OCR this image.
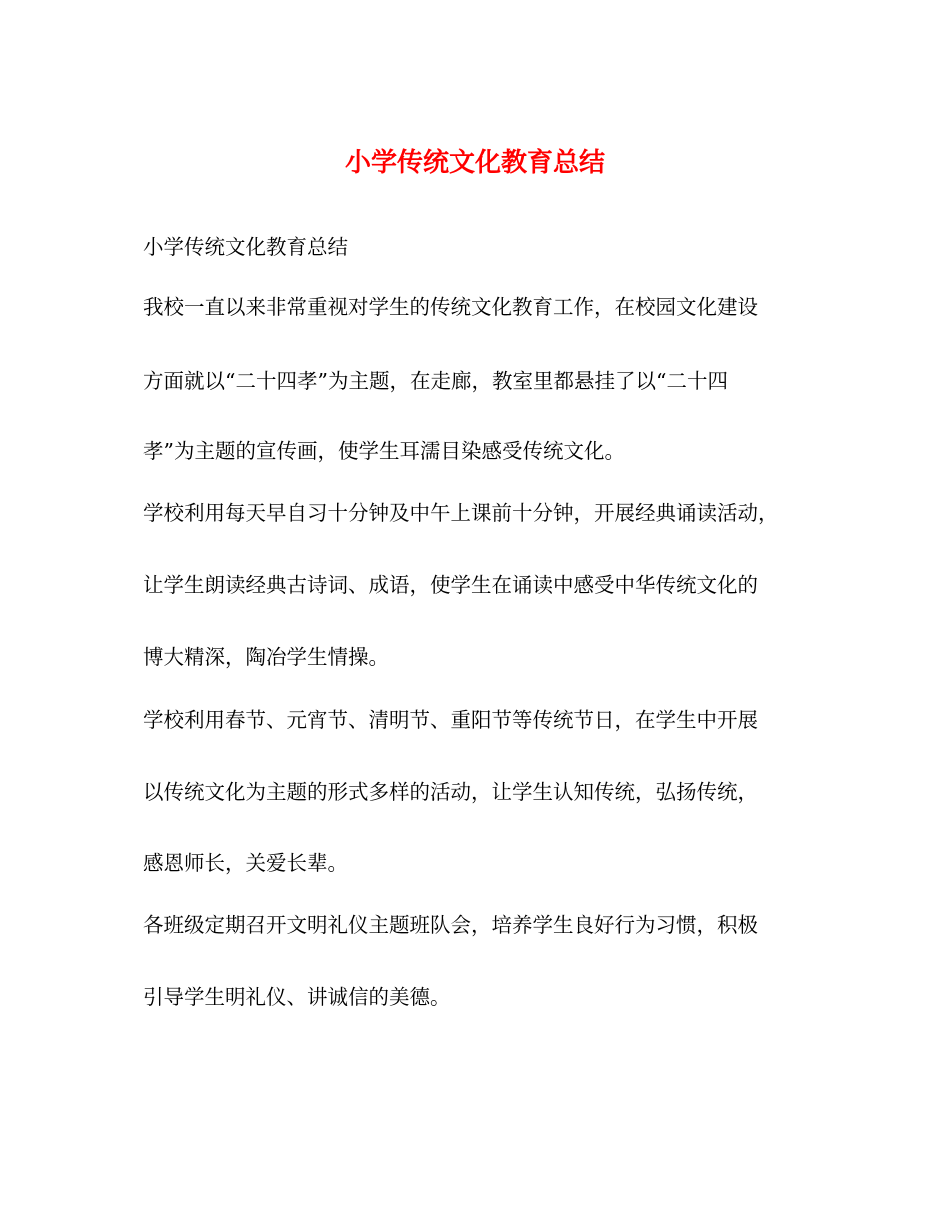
小学传统文化教育总结
小学传统文化教育总结
我校一直以来非常重视对学生的传统文化教育工作，在校园文化建设
方面就以“二十四孝”为主题，在走廊，教室里都悬挂了以“二十四
孝”为主题的宣传画，使学生耳濡目染感受传统文化。
学校利用每天早自习十分钟及中午上课前十分钟，开展经典诵读活动，
让学生朗读经典古诗词、成语，使学生在诵读中感受中华传统文化的
博大精深，陶冶学生情操。
学校利用春节、元宵节、清明节、重阳节等传统节日，在学生中开展
以传统文化为主题的形式多样的活动，让学生认知传统，弘扬传统，
感恩师长，关爱长辈。
各班级定期召开文明礼仪主题班队会，培养学生良好行为习惯，积极
引导学生明礼仪、讲诚信的美德。
